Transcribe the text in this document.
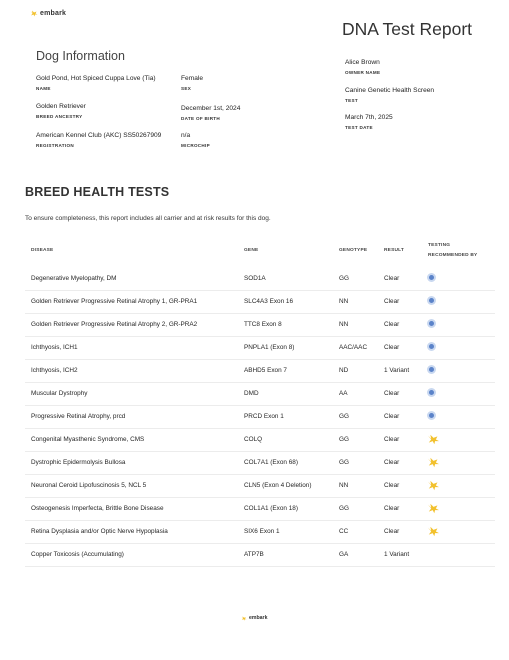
embark
DNA Test Report
Dog Information
Gold Pond, Hot Spiced Cuppa Love (Tia)
NAME
Female
SEX
Golden Retriever
BREED ANCESTRY
December 1st, 2024
DATE OF BIRTH
American Kennel Club (AKC) SS50267909
REGISTRATION
n/a
MICROCHIP
Alice Brown
OWNER NAME
Canine Genetic Health Screen
TEST
March 7th, 2025
TEST DATE
BREED HEALTH TESTS

To ensure completeness, this report includes all carrier and at risk results for this dog.

DISEASE	GENE	GENOTYPE	RESULT
TESTING
RECOMMENDED BY
Degenerative Myelopathy, DM	SOD1A	GG	Clear
Golden Retriever Progressive Retinal Atrophy 1, GR-PRA1	SLC4A3 Exon 16	NN	Clear
Golden Retriever Progressive Retinal Atrophy 2, GR-PRA2	TTC8 Exon 8	NN	Clear
Ichthyosis, ICH1	PNPLA1 (Exon 8)	AAC/AAC	Clear
Ichthyosis, ICH2	ABHD5 Exon 7	ND	1 Variant
Muscular Dystrophy	DMD	AA	Clear
Progressive Retinal Atrophy, prcd	PRCD Exon 1	GG	Clear
Congenital Myasthenic Syndrome, CMS	COLQ	GG	Clear
Dystrophic Epidermolysis Bullosa	COL7A1 (Exon 68)	GG	Clear
Neuronal Ceroid Lipofuscinosis 5, NCL 5	CLN5 (Exon 4 Deletion)	NN	Clear
Osteogenesis Imperfecta, Brittle Bone Disease	COL1A1 (Exon 18)	GG	Clear
Retina Dysplasia and/or Optic Nerve Hypoplasia	SIX6 Exon 1	CC	Clear
Copper Toxicosis (Accumulating)	ATP7B	GA	1 Variant
embark
